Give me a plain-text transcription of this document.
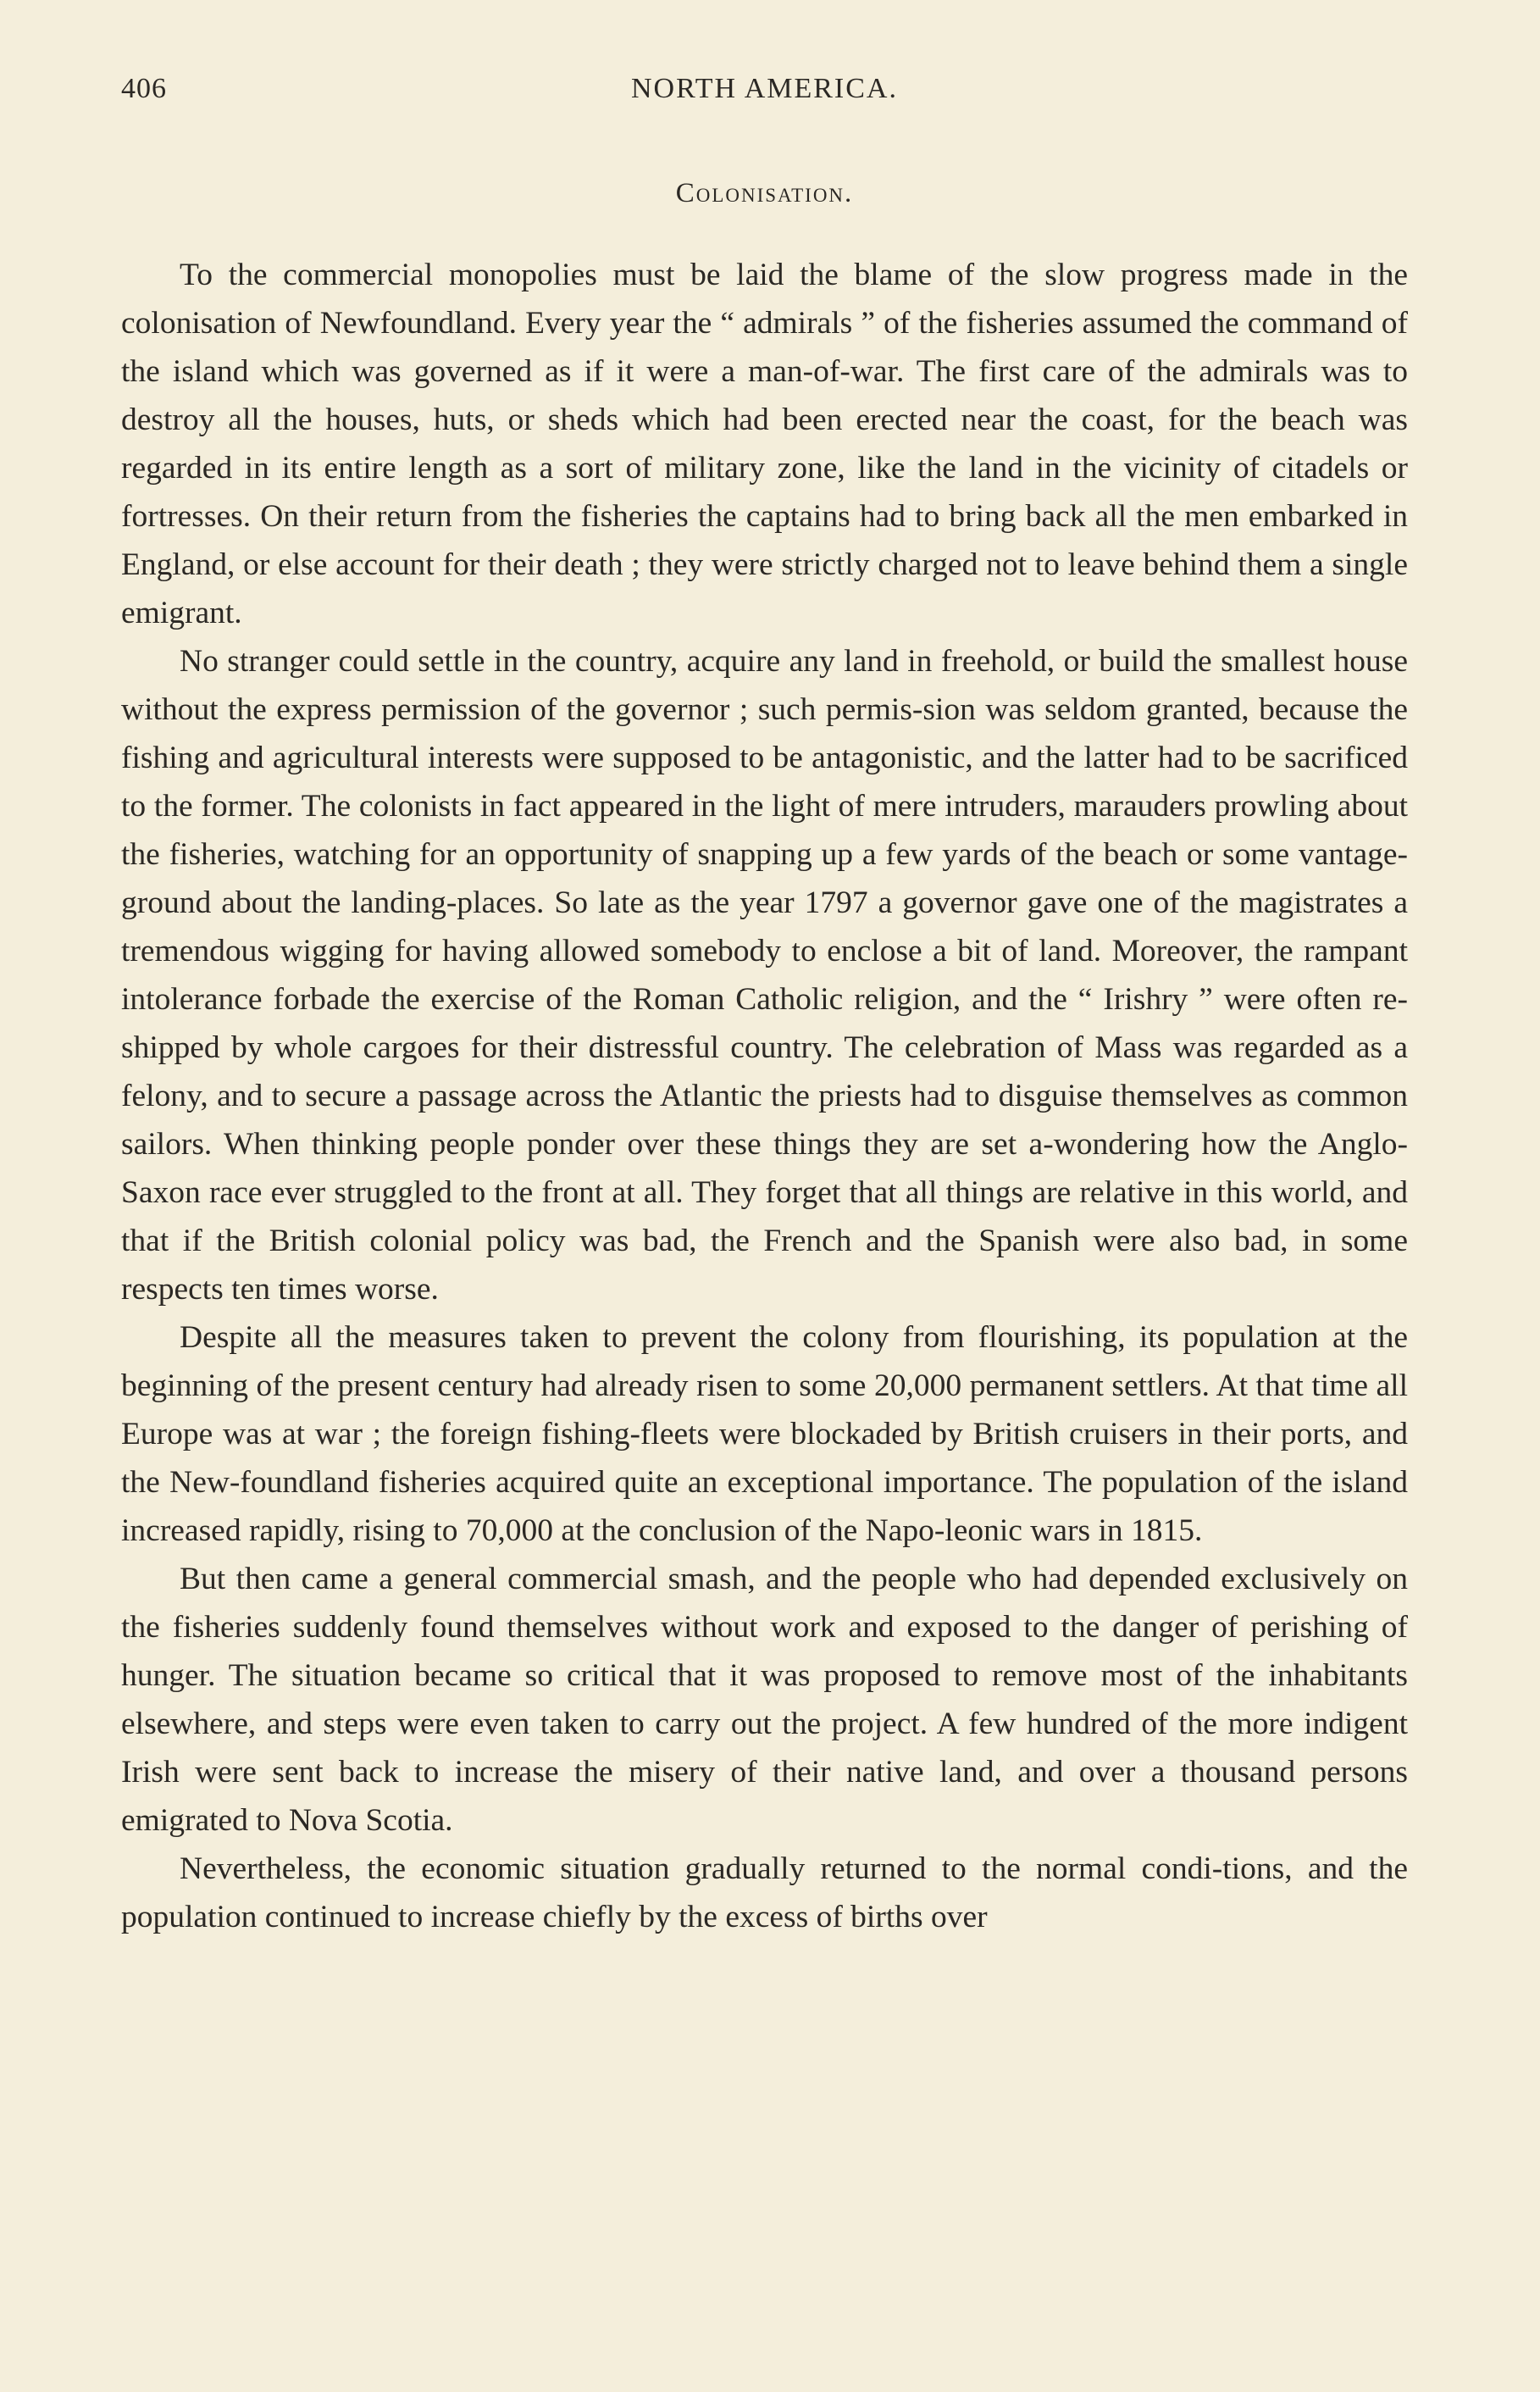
406	NORTH AMERICA.
Colonisation.

To the commercial monopolies must be laid the blame of the slow progress made in the colonisation of Newfoundland. Every year the “ admirals ” of the fisheries assumed the command of the island which was governed as if it were a man-of-war. The first care of the admirals was to destroy all the houses, huts, or sheds which had been erected near the coast, for the beach was regarded in its entire length as a sort of military zone, like the land in the vicinity of citadels or fortresses. On their return from the fisheries the captains had to bring back all the men embarked in England, or else account for their death ; they were strictly charged not to leave behind them a single emigrant.

No stranger could settle in the country, acquire any land in freehold, or build the smallest house without the express permission of the governor ; such permis-sion was seldom granted, because the fishing and agricultural interests were supposed to be antagonistic, and the latter had to be sacrificed to the former. The colonists in fact appeared in the light of mere intruders, marauders prowling about the fisheries, watching for an opportunity of snapping up a few yards of the beach or some vantage-ground about the landing-places. So late as the year 1797 a governor gave one of the magistrates a tremendous wigging for having allowed somebody to enclose a bit of land. Moreover, the rampant intolerance forbade the exercise of the Roman Catholic religion, and the “ Irishry ” were often re-shipped by whole cargoes for their distressful country. The celebration of Mass was regarded as a felony, and to secure a passage across the Atlantic the priests had to disguise themselves as common sailors. When thinking people ponder over these things they are set a-wondering how the Anglo-Saxon race ever struggled to the front at all. They forget that all things are relative in this world, and that if the British colonial policy was bad, the French and the Spanish were also bad, in some respects ten times worse.

Despite all the measures taken to prevent the colony from flourishing, its population at the beginning of the present century had already risen to some 20,000 permanent settlers. At that time all Europe was at war ; the foreign fishing-fleets were blockaded by British cruisers in their ports, and the New-foundland fisheries acquired quite an exceptional importance. The population of the island increased rapidly, rising to 70,000 at the conclusion of the Napo-leonic wars in 1815.

But then came a general commercial smash, and the people who had depended exclusively on the fisheries suddenly found themselves without work and exposed to the danger of perishing of hunger. The situation became so critical that it was proposed to remove most of the inhabitants elsewhere, and steps were even taken to carry out the project. A few hundred of the more indigent Irish were sent back to increase the misery of their native land, and over a thousand persons emigrated to Nova Scotia.

Nevertheless, the economic situation gradually returned to the normal condi-tions, and the population continued to increase chiefly by the excess of births over
